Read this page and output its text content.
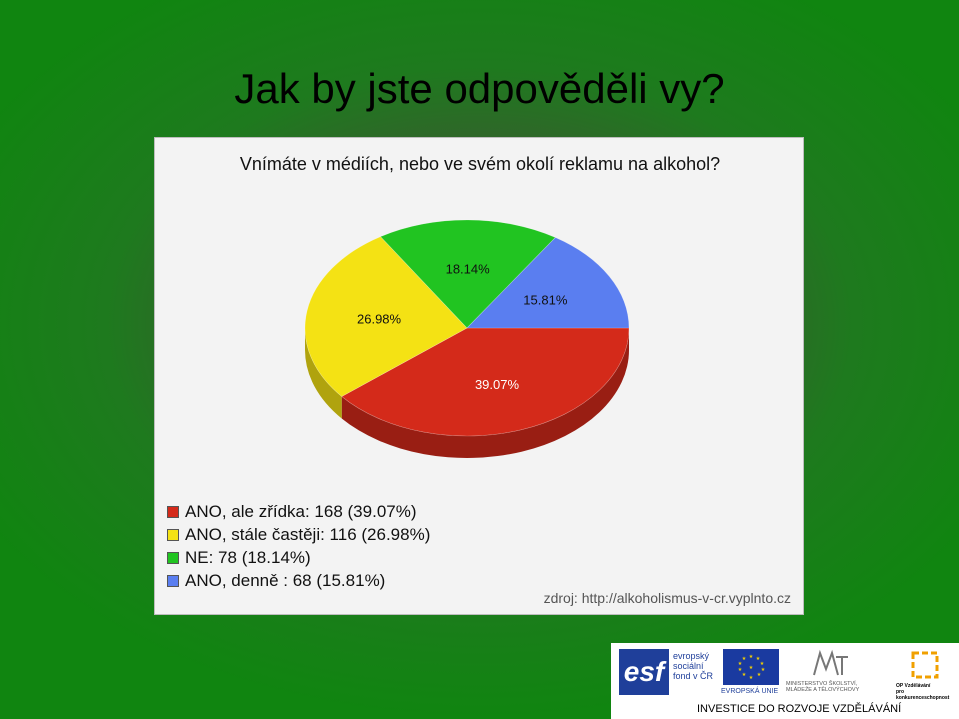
Jak by jste odpověděli vy?
Vnímáte v médiích, nebo ve svém okolí reklamu na alkohol?
39.07%
26.98%
18.14%
15.81%
ANO, ale zřídka: 168 (39.07%)
ANO, stále častěji: 116 (26.98%)
NE: 78 (18.14%)
ANO, denně : 68 (15.81%)
zdroj: http://alkoholismus-v-cr.vyplnto.cz
esf evropský
sociální
fond v ČR
★ ★
★
★
★
★
★
★
★
★
★
EVROPSKÁ UNIE
MINISTERSTVO ŠKOLSTVÍ,
MLÁDEŽE A TĚLOVÝCHOVY
OP Vzdělávání
pro konkurenceschopnost
INVESTICE DO ROZVOJE VZDĚLÁVÁNÍ
